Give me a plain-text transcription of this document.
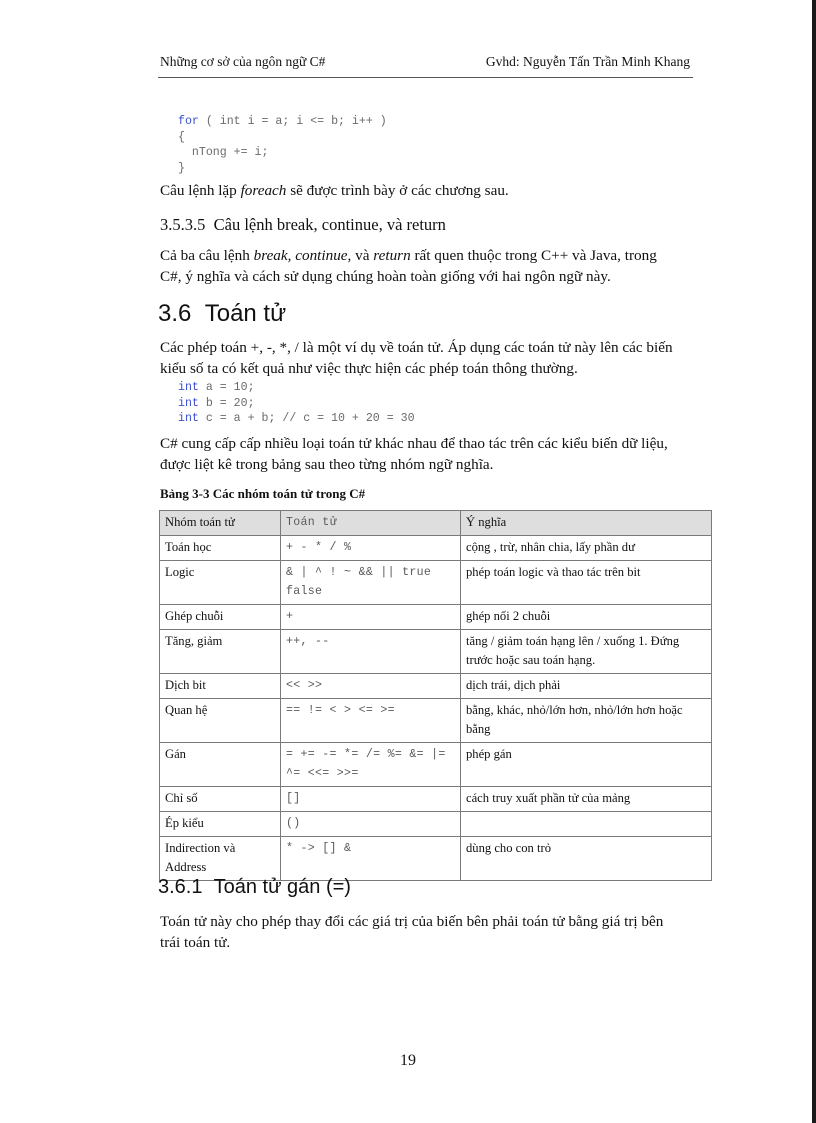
Những cơ sở của ngôn ngữ C#	Gvhd: Nguyễn Tấn Trần Minh Khang
for ( int i = a; i <= b; i++ )
{
nTong += i;
}

Câu lệnh lặp foreach sẽ được trình bày ở các chương sau.

3.5.3.5 Câu lệnh break, continue, và return

Cả ba câu lệnh break, continue, và return rất quen thuộc trong C++ và Java, trong
C#, ý nghĩa và cách sử dụng chúng hoàn toàn giống với hai ngôn ngữ này.

3.6 Toán tử

Các phép toán +, -, *, / là một ví dụ về toán tử. Áp dụng các toán tử này lên các biến
kiểu số ta có kết quả như việc thực hiện các phép toán thông thường.

int a = 10;
int b = 20;
int c = a + b; // c = 10 + 20 = 30

C# cung cấp cấp nhiều loại toán tử khác nhau để thao tác trên các kiểu biến dữ liệu,
được liệt kê trong bảng sau theo từng nhóm ngữ nghĩa.

Bảng 3-3 Các nhóm toán tử trong C#
Nhóm toán tử	Toán tử	Ý nghĩa
Toán học	+ - * / %	cộng , trừ, nhân chia, lấy phần dư
Logic	& | ^ ! ~ && || true false	phép toán logic và thao tác trên bit
Ghép chuỗi	+	ghép nối 2 chuỗi
Tăng, giảm	++, --	tăng / giảm toán hạng lên / xuống 1. Đứng trước hoặc sau toán hạng.
Dịch bit	<< >>	dịch trái, dịch phải
Quan hệ	== != < > <= >=	bằng, khác, nhỏ/lớn hơn, nhỏ/lớn hơn hoặc bằng
Gán	= += -= *= /= %= &= |= ^= <<= >>=	phép gán
Chỉ số	[]	cách truy xuất phần tử của mảng
Ép kiểu	()	
Indirection và Address	* -> [] &	dùng cho con trỏ
3.6.1 Toán tử gán (=)

Toán tử này cho phép thay đổi các giá trị của biến bên phải toán tử bằng giá trị bên
trái toán tử.

19
